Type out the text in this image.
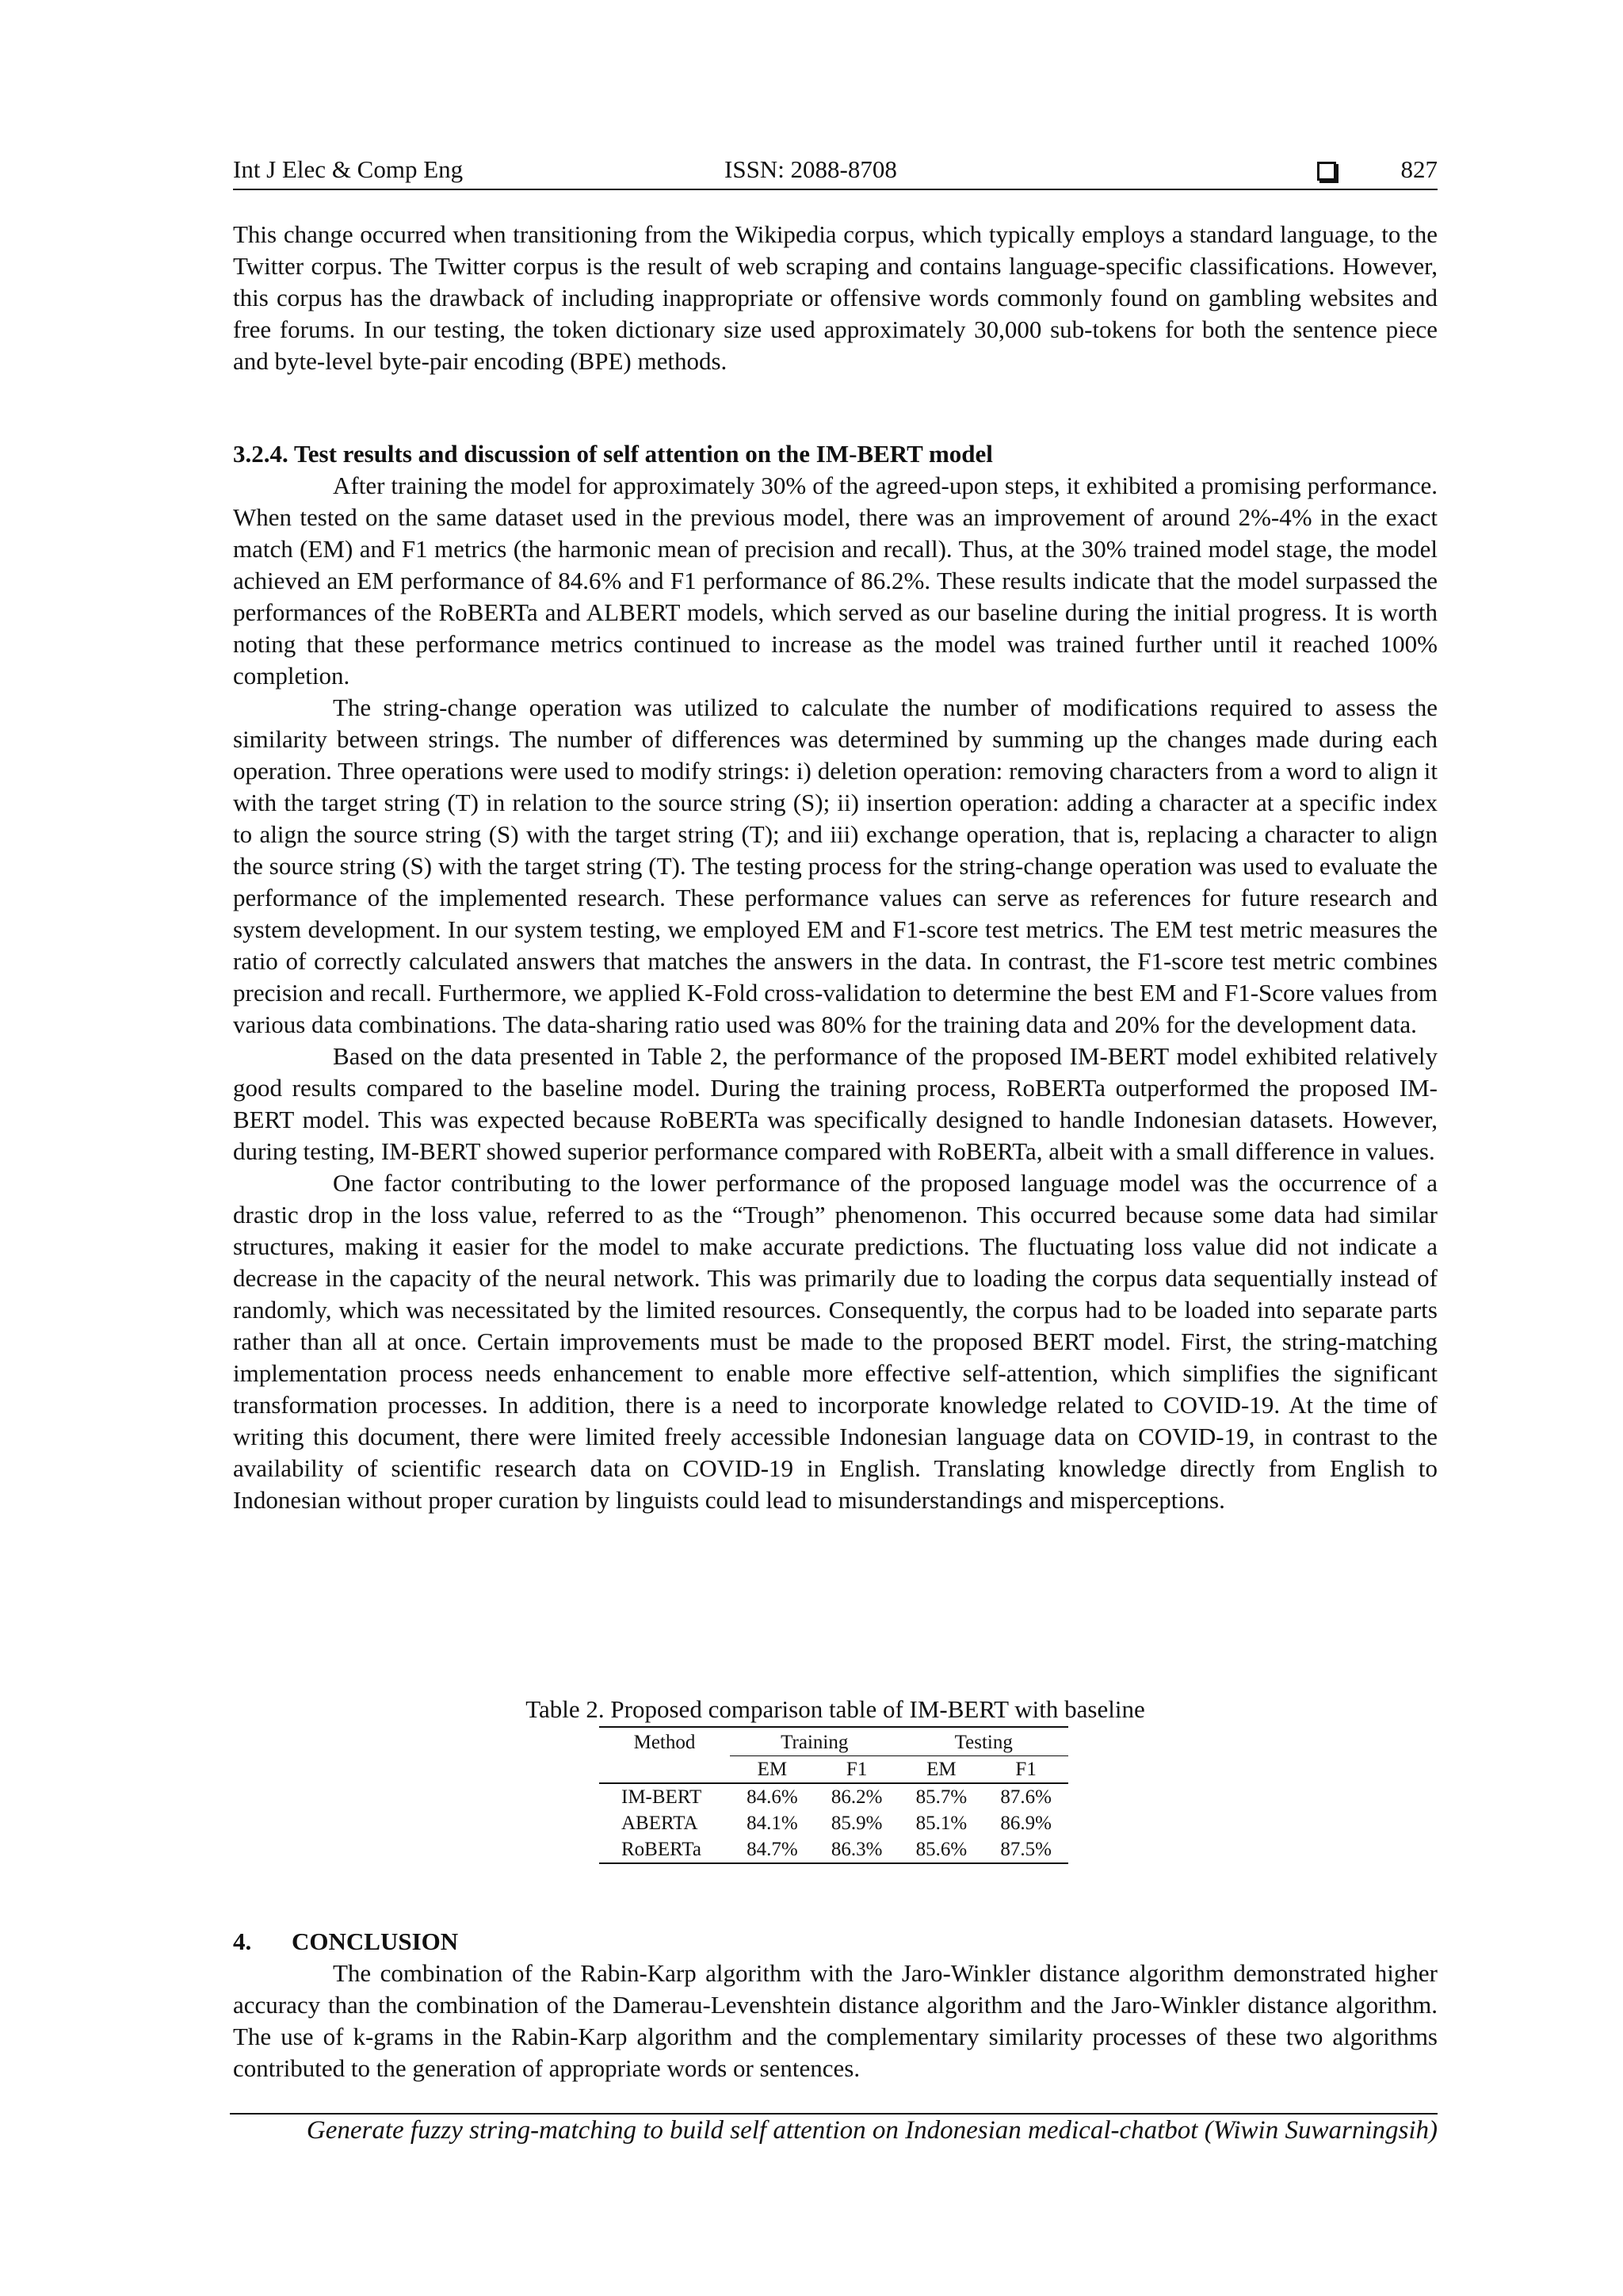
Int J Elec & Comp Eng	ISSN: 2088-8708	827

This change occurred when transitioning from the Wikipedia corpus, which typically employs a standard language, to the Twitter corpus. The Twitter corpus is the result of web scraping and contains language-specific classifications. However, this corpus has the drawback of including inappropriate or offensive words commonly found on gambling websites and free forums. In our testing, the token dictionary size used approximately 30,000 sub-tokens for both the sentence piece and byte-level byte-pair encoding (BPE) methods.

3.2.4. Test results and discussion of self attention on the IM-BERT model

After training the model for approximately 30% of the agreed-upon steps, it exhibited a promising performance. When tested on the same dataset used in the previous model, there was an improvement of around 2%-4% in the exact match (EM) and F1 metrics (the harmonic mean of precision and recall). Thus, at the 30% trained model stage, the model achieved an EM performance of 84.6% and F1 performance of 86.2%. These results indicate that the model surpassed the performances of the RoBERTa and ALBERT models, which served as our baseline during the initial progress. It is worth noting that these performance metrics continued to increase as the model was trained further until it reached 100% completion.

The string-change operation was utilized to calculate the number of modifications required to assess the similarity between strings. The number of differences was determined by summing up the changes made during each operation. Three operations were used to modify strings: i) deletion operation: removing characters from a word to align it with the target string (T) in relation to the source string (S); ii) insertion operation: adding a character at a specific index to align the source string (S) with the target string (T); and iii) exchange operation, that is, replacing a character to align the source string (S) with the target string (T). The testing process for the string-change operation was used to evaluate the performance of the implemented research. These performance values can serve as references for future research and system development. In our system testing, we employed EM and F1-score test metrics. The EM test metric measures the ratio of correctly calculated answers that matches the answers in the data. In contrast, the F1-score test metric combines precision and recall. Furthermore, we applied K-Fold cross-validation to determine the best EM and F1-Score values from various data combinations. The data-sharing ratio used was 80% for the training data and 20% for the development data.

Based on the data presented in Table 2, the performance of the proposed IM-BERT model exhibited relatively good results compared to the baseline model. During the training process, RoBERTa outperformed the proposed IM-BERT model. This was expected because RoBERTa was specifically designed to handle Indonesian datasets. However, during testing, IM-BERT showed superior performance compared with RoBERTa, albeit with a small difference in values.

One factor contributing to the lower performance of the proposed language model was the occurrence of a drastic drop in the loss value, referred to as the “Trough” phenomenon. This occurred because some data had similar structures, making it easier for the model to make accurate predictions. The fluctuating loss value did not indicate a decrease in the capacity of the neural network. This was primarily due to loading the corpus data sequentially instead of randomly, which was necessitated by the limited resources. Consequently, the corpus had to be loaded into separate parts rather than all at once. Certain improvements must be made to the proposed BERT model. First, the string-matching implementation process needs enhancement to enable more effective self-attention, which simplifies the significant transformation processes. In addition, there is a need to incorporate knowledge related to COVID-19. At the time of writing this document, there were limited freely accessible Indonesian language data on COVID-19, in contrast to the availability of scientific research data on COVID-19 in English. Translating knowledge directly from English to Indonesian without proper curation by linguists could lead to misunderstandings and misperceptions.

Table 2. Proposed comparison table of IM-BERT with baseline
Method	Training		Testing	
	EM	F1	EM	F1
IM-BERT	84.6%	86.2%	85.7%	87.6%
ABERTA	84.1%	85.9%	85.1%	86.9%
RoBERTa	84.7%	86.3%	85.6%	87.5%
4. CONCLUSION

The combination of the Rabin-Karp algorithm with the Jaro-Winkler distance algorithm demonstrated higher accuracy than the combination of the Damerau-Levenshtein distance algorithm and the Jaro-Winkler distance algorithm. The use of k-grams in the Rabin-Karp algorithm and the complementary similarity processes of these two algorithms contributed to the generation of appropriate words or sentences.

Generate fuzzy string-matching to build self attention on Indonesian medical-chatbot (Wiwin Suwarningsih)
